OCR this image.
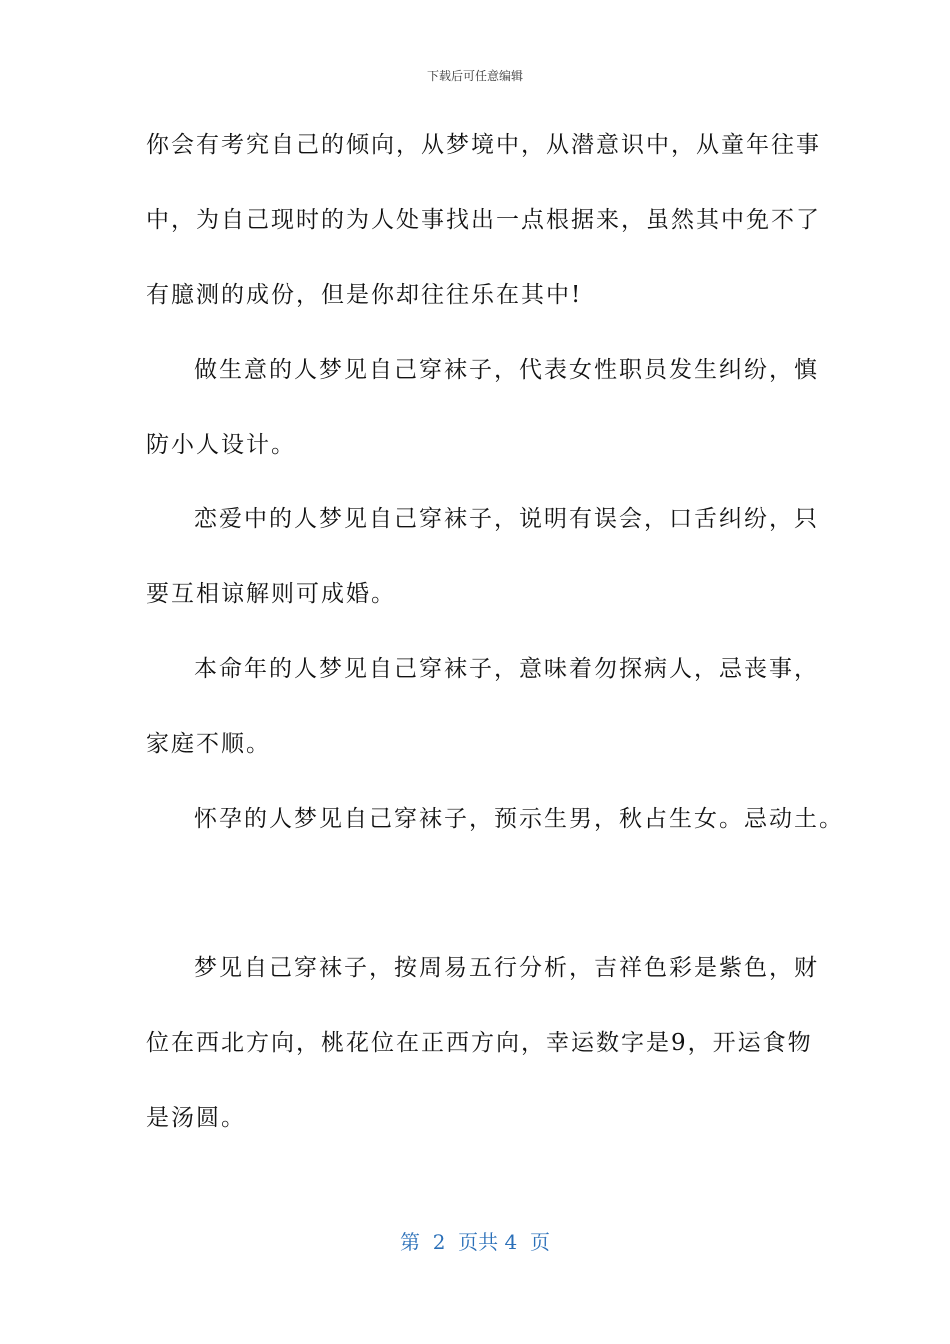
下载后可任意编辑
你会有考究自己的倾向，从梦境中，从潜意识中，从童年往事
中，为自己现时的为人处事找出一点根据来，虽然其中免不了
有臆测的成份，但是你却往往乐在其中!
做生意的人梦见自己穿袜子，代表女性职员发生纠纷，慎
防小人设计。
恋爱中的人梦见自己穿袜子，说明有误会，口舌纠纷，只
要互相谅解则可成婚。
本命年的人梦见自己穿袜子，意味着勿探病人，忌丧事，
家庭不顺。
怀孕的人梦见自己穿袜子，预示生男，秋占生女。忌动土。
梦见自己穿袜子，按周易五行分析，吉祥色彩是紫色，财
位在西北方向，桃花位在正西方向，幸运数字是9，开运食物
是汤圆。
第  2  页共 4  页
